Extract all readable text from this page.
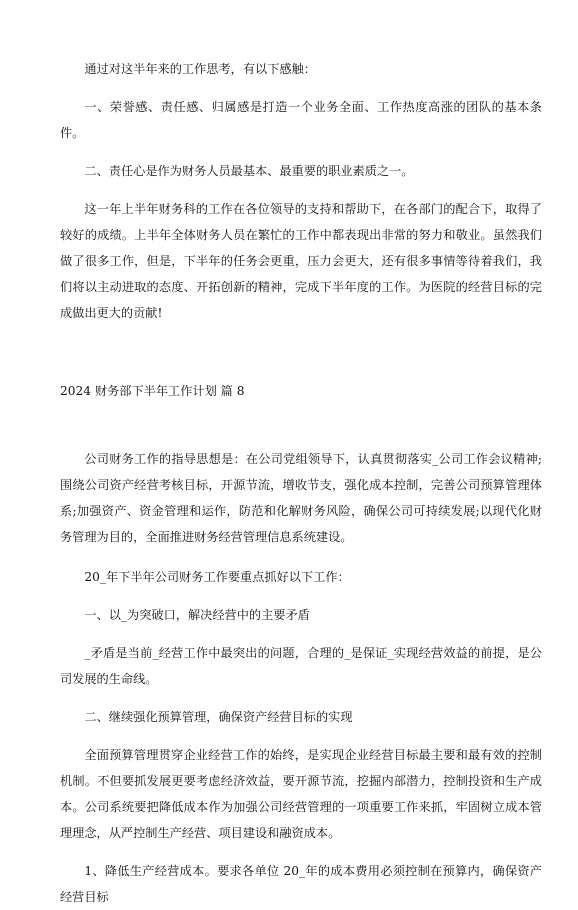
通过对这半年来的工作思考，有以下感触：

一、荣誉感、责任感、归属感是打造一个业务全面、工作热度高涨的团队的基本条件。

二、责任心是作为财务人员最基本、最重要的职业素质之一。

这一年上半年财务科的工作在各位领导的支持和帮助下，在各部门的配合下，取得了较好的成绩。上半年全体财务人员在繁忙的工作中都表现出非常的努力和敬业。虽然我们做了很多工作，但是，下半年的任务会更重，压力会更大，还有很多事情等待着我们，我们将以主动进取的态度、开拓创新的精神，完成下半年度的工作。为医院的经营目标的完成做出更大的贡献!

2024 财务部下半年工作计划 篇 8

公司财务工作的指导思想是：在公司党组领导下，认真贯彻落实_公司工作会议精神;围绕公司资产经营考核目标，开源节流，增收节支，强化成本控制，完善公司预算管理体系;加强资产、资金管理和运作，防范和化解财务风险，确保公司可持续发展;以现代化财务管理为目的，全面推进财务经营管理信息系统建设。

20_年下半年公司财务工作要重点抓好以下工作：

一、以_为突破口，解决经营中的主要矛盾

_矛盾是当前_经营工作中最突出的问题，合理的_是保证_实现经营效益的前提，是公司发展的生命线。

二、继续强化预算管理，确保资产经营目标的实现

全面预算管理贯穿企业经营工作的始终，是实现企业经营目标最主要和最有效的控制机制。不但要抓发展更要考虑经济效益，要开源节流，挖掘内部潜力，控制投资和生产成本。公司系统要把降低成本作为加强公司经营管理的一项重要工作来抓，牢固树立成本管理理念，从严控制生产经营、项目建设和融资成本。

1、降低生产经营成本。要求各单位 20_年的成本费用必须控制在预算内，确保资产经营目标
